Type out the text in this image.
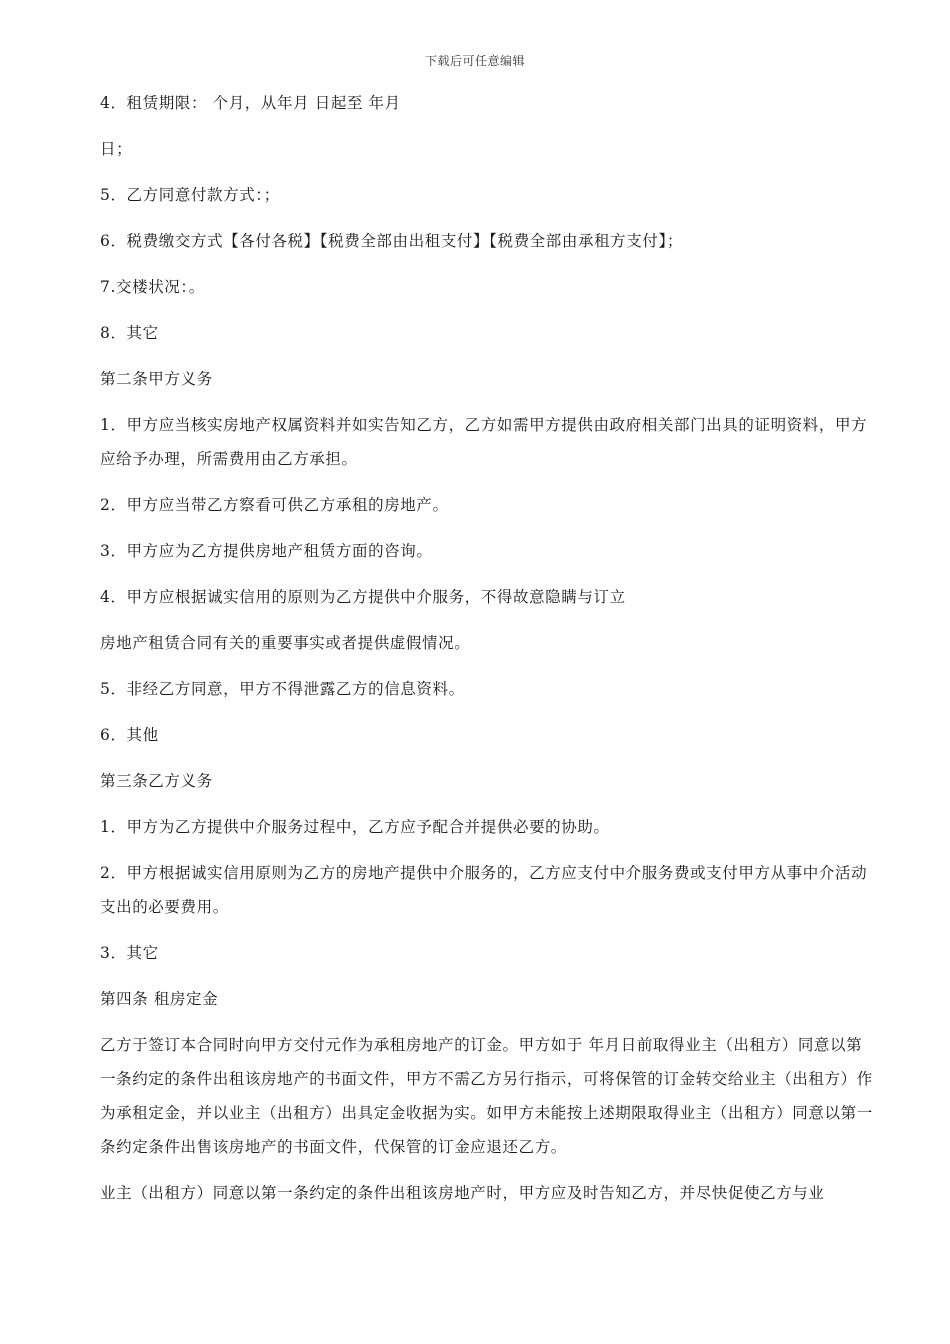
下载后可任意编辑

4．租赁期限： 个月，从年月 日起至 年月

日；

5．乙方同意付款方式：；

6．税费缴交方式【各付各税】【税费全部由出租支付】【税费全部由承租方支付】；

7.交楼状况：。

8．其它

第二条甲方义务

1．甲方应当核实房地产权属资料并如实告知乙方，乙方如需甲方提供由政府相关部门出具的证明资料，甲方应给予办理，所需费用由乙方承担。

2．甲方应当带乙方察看可供乙方承租的房地产。

3．甲方应为乙方提供房地产租赁方面的咨询。

4．甲方应根据诚实信用的原则为乙方提供中介服务，不得故意隐瞒与订立

房地产租赁合同有关的重要事实或者提供虚假情况。

5．非经乙方同意，甲方不得泄露乙方的信息资料。

6．其他

第三条乙方义务

1．甲方为乙方提供中介服务过程中，乙方应予配合并提供必要的协助。

2．甲方根据诚实信用原则为乙方的房地产提供中介服务的，乙方应支付中介服务费或支付甲方从事中介活动支出的必要费用。

3．其它

第四条 租房定金

乙方于签订本合同时向甲方交付元作为承租房地产的订金。甲方如于 年月日前取得业主（出租方）同意以第一条约定的条件出租该房地产的书面文件，甲方不需乙方另行指示，可将保管的订金转交给业主（出租方）作为承租定金，并以业主（出租方）出具定金收据为实。如甲方未能按上述期限取得业主（出租方）同意以第一条约定条件出售该房地产的书面文件，代保管的订金应退还乙方。

业主（出租方）同意以第一条约定的条件出租该房地产时，甲方应及时告知乙方，并尽快促使乙方与业
